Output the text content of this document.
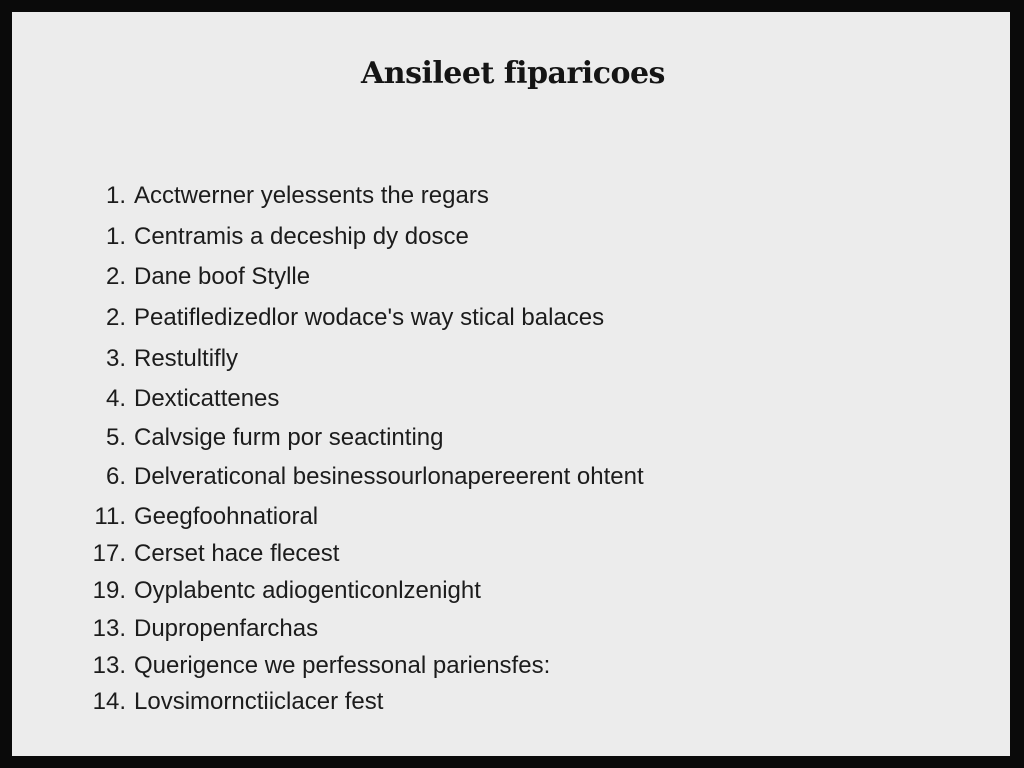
Ansileet fiparicoes
1. Acctwerner yelessents the regars
1. Centramis a deceship dy dosce
2. Dane boof Stylle
2. Peatifledizedlor wodace's way stical balaces
3. Restultifly
4. Dexticattenes
5. Calvsige furm por seactinting
6. Delveraticonal besinessourlonapereerent ohtent
11. Geegfoohnatioral
17. Cerset hace flecest
19. Oyplabentc adiogenticonlzenight
13. Dupropenfarchas
13. Querigence we perfessonal pariensfes:
14. Lovsimornctiiclacer fest
